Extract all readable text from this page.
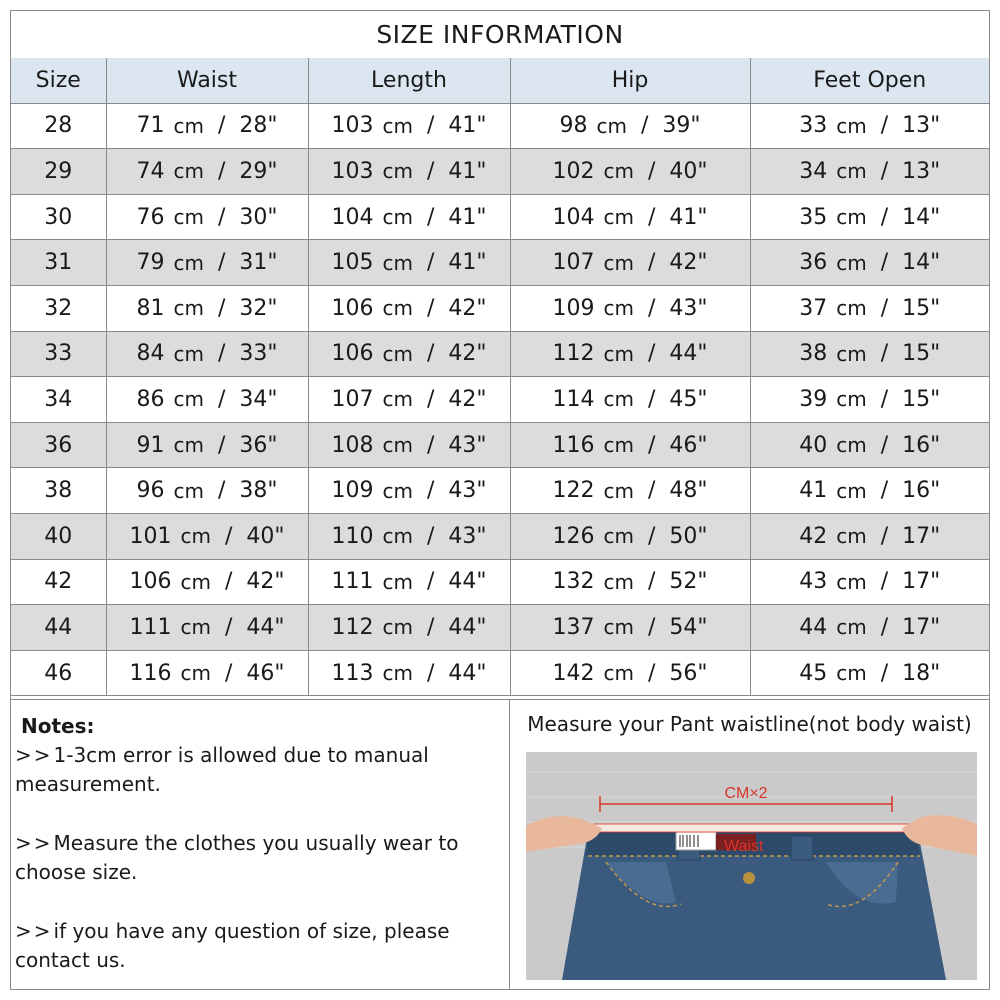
SIZE INFORMATION
Size	Waist	Length	Hip	Feet Open
28	71 cm / 28"	103 cm / 41"	98 cm / 39"	33 cm / 13"

29	74 cm / 29"	103 cm / 41"	102 cm / 40"	34 cm / 13"

30	76 cm / 30"	104 cm / 41"	104 cm / 41"	35 cm / 14"

31	79 cm / 31"	105 cm / 41"	107 cm / 42"	36 cm / 14"

32	81 cm / 32"	106 cm / 42"	109 cm / 43"	37 cm / 15"

33	84 cm / 33"	106 cm / 42"	112 cm / 44"	38 cm / 15"

34	86 cm / 34"	107 cm / 42"	114 cm / 45"	39 cm / 15"

36	91 cm / 36"	108 cm / 43"	116 cm / 46"	40 cm / 16"

38	96 cm / 38"	109 cm / 43"	122 cm / 48"	41 cm / 16"

40	101 cm / 40"	110 cm / 43"	126 cm / 50"	42 cm / 17"

42	106 cm / 42"	111 cm / 44"	132 cm / 52"	43 cm / 17"

44	111 cm / 44"	112 cm / 44"	137 cm / 54"	44 cm / 17"

46	116 cm / 46"	113 cm / 44"	142 cm / 56"	45 cm / 18"
Notes:
>>1-3cm error is allowed due to manual measurement.
>>Measure the clothes you usually wear to choose size.
>>if you have any question of size, please contact us.
Measure your Pant waistline(not body waist)
Waist
CM×2
